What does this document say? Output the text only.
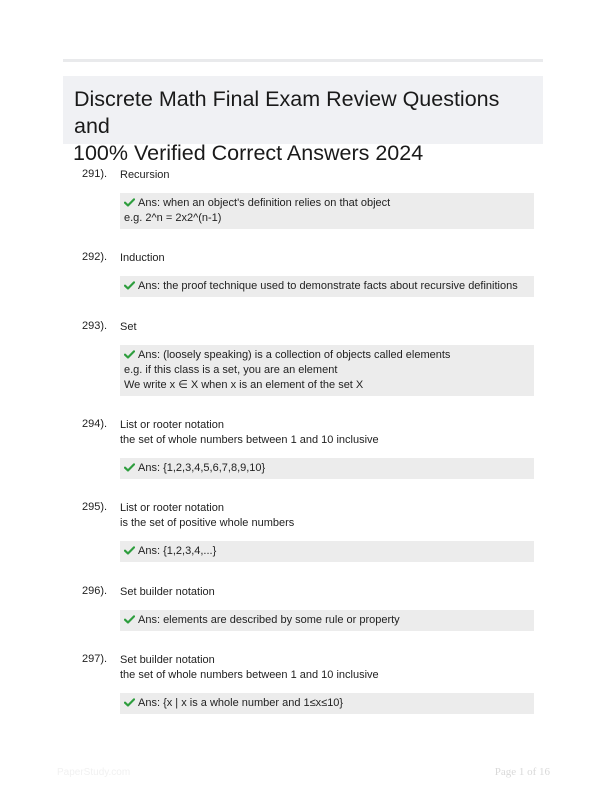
Discrete Math Final Exam Review Questions and
100% Verified Correct Answers 2024
291). Recursion
Ans: when an object's definition relies on that object
e.g. 2^n = 2x2^(n-1)
292). Induction
Ans: the proof technique used to demonstrate facts about recursive definitions
293). Set
Ans: (loosely speaking) is a collection of objects called elements
e.g. if this class is a set, you are an element
We write x ∈ X when x is an element of the set X
294). List or rooter notation
the set of whole numbers between 1 and 10 inclusive
Ans: {1,2,3,4,5,6,7,8,9,10}
295). List or rooter notation
is the set of positive whole numbers
Ans: {1,2,3,4,...}
296). Set builder notation
Ans: elements are described by some rule or property
297). Set builder notation
the set of whole numbers between 1 and 10 inclusive
Ans: {x | x is a whole number and 1≤x≤10}
PaperStudy.com	Page 1 of 16
